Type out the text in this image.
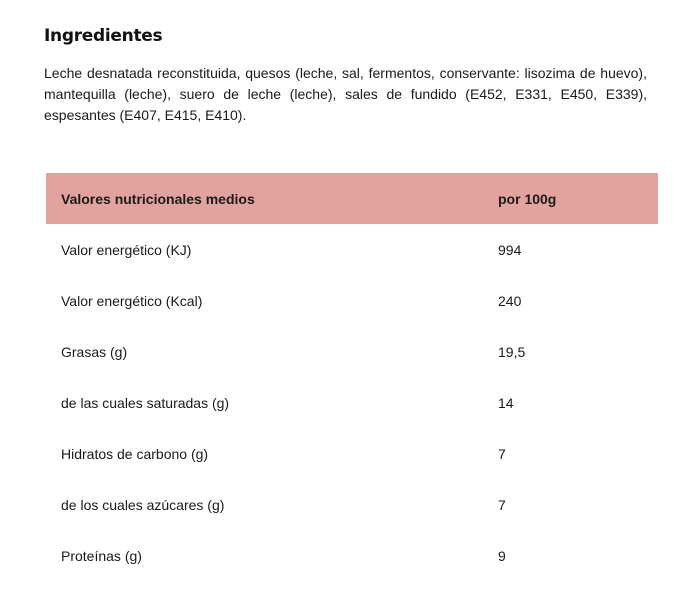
Ingredientes

Leche desnatada reconstituida, quesos (leche, sal, fermentos, conservante: lisozima de huevo), mantequilla (leche), suero de leche (leche), sales de fundido (E452, E331, E450, E339), espesantes (E407, E415, E410).

Valores nutricionales medios	por 100g
Valor energético (KJ)	994
Valor energético (Kcal)	240
Grasas (g)	19,5
de las cuales saturadas (g)	14
Hidratos de carbono (g)	7
de los cuales azúcares (g)	7
Proteínas (g)	9
